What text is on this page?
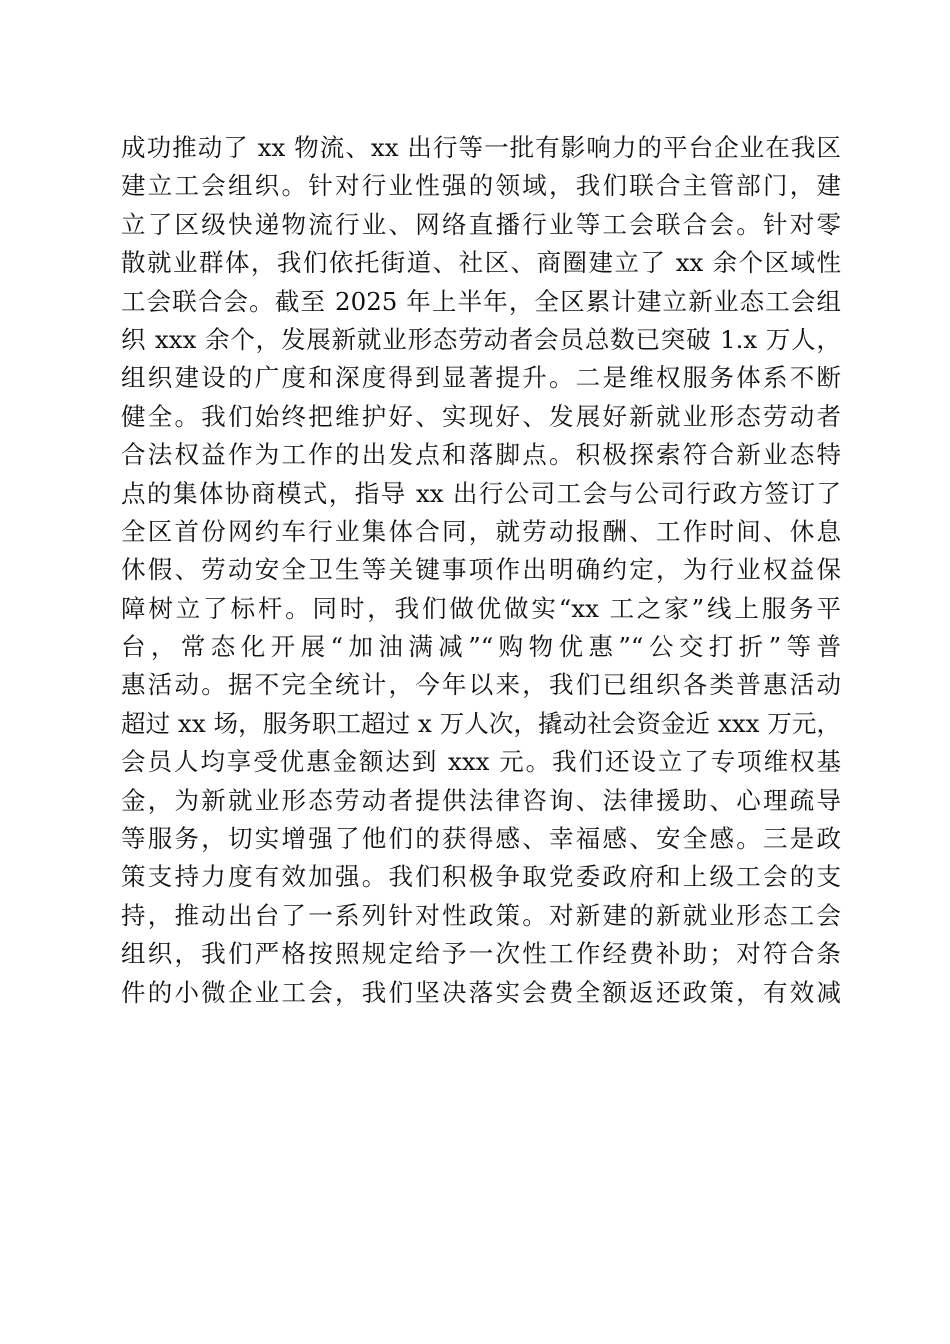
成功推动了 xx 物流、xx 出行等一批有影响力的平台企业在我区
建立工会组织。针对行业性强的领域，我们联合主管部门，建
立了区级快递物流行业、网络直播行业等工会联合会。针对零
散就业群体，我们依托街道、社区、商圈建立了 xx 余个区域性
工会联合会。截至 2025 年上半年，全区累计建立新业态工会组
织 xxx 余个，发展新就业形态劳动者会员总数已突破 1.x 万人，
组织建设的广度和深度得到显著提升。二是维权服务体系不断
健全。我们始终把维护好、实现好、发展好新就业形态劳动者
合法权益作为工作的出发点和落脚点。积极探索符合新业态特
点的集体协商模式，指导 xx 出行公司工会与公司行政方签订了
全区首份网约车行业集体合同，就劳动报酬、工作时间、休息
休假、劳动安全卫生等关键事项作出明确约定，为行业权益保
障树立了标杆。同时，我们做优做实“xx 工之家”线上服务平
台，常态化开展“加油满减”“购物优惠”“公交打折”等普
惠活动。据不完全统计，今年以来，我们已组织各类普惠活动
超过 xx 场，服务职工超过 x 万人次，撬动社会资金近 xxx 万元，
会员人均享受优惠金额达到 xxx 元。我们还设立了专项维权基
金，为新就业形态劳动者提供法律咨询、法律援助、心理疏导
等服务，切实增强了他们的获得感、幸福感、安全感。三是政
策支持力度有效加强。我们积极争取党委政府和上级工会的支
持，推动出台了一系列针对性政策。对新建的新就业形态工会
组织，我们严格按照规定给予一次性工作经费补助；对符合条
件的小微企业工会，我们坚决落实会费全额返还政策，有效减
